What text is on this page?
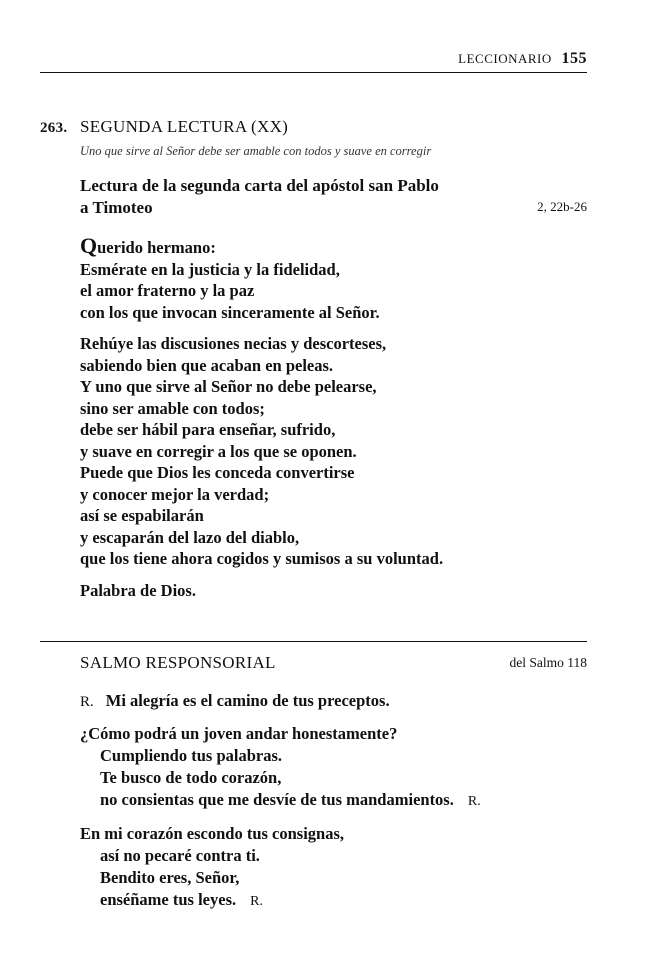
LECCIONARIO 155
263. SEGUNDA LECTURA (XX)
Uno que sirve al Señor debe ser amable con todos y suave en corregir
Lectura de la segunda carta del apóstol san Pablo
a Timoteo	2, 22b-26
Querido hermano:
Esmérate en la justicia y la fidelidad,
el amor fraterno y la paz
con los que invocan sinceramente al Señor.
Rehúye las discusiones necias y descorteses,
sabiendo bien que acaban en peleas.
Y uno que sirve al Señor no debe pelearse,
sino ser amable con todos;
debe ser hábil para enseñar, sufrido,
y suave en corregir a los que se oponen.
Puede que Dios les conceda convertirse
y conocer mejor la verdad;
así se espabilarán
y escaparán del lazo del diablo,
que los tiene ahora cogidos y sumisos a su voluntad.
Palabra de Dios.
SALMO RESPONSORIAL	del Salmo 118
R. Mi alegría es el camino de tus preceptos.
¿Cómo podrá un joven andar honestamente?
Cumpliendo tus palabras.
Te busco de todo corazón,
no consientas que me desvíe de tus mandamientos. R.
En mi corazón escondo tus consignas,
así no pecaré contra ti.
Bendito eres, Señor,
enséñame tus leyes. R.
